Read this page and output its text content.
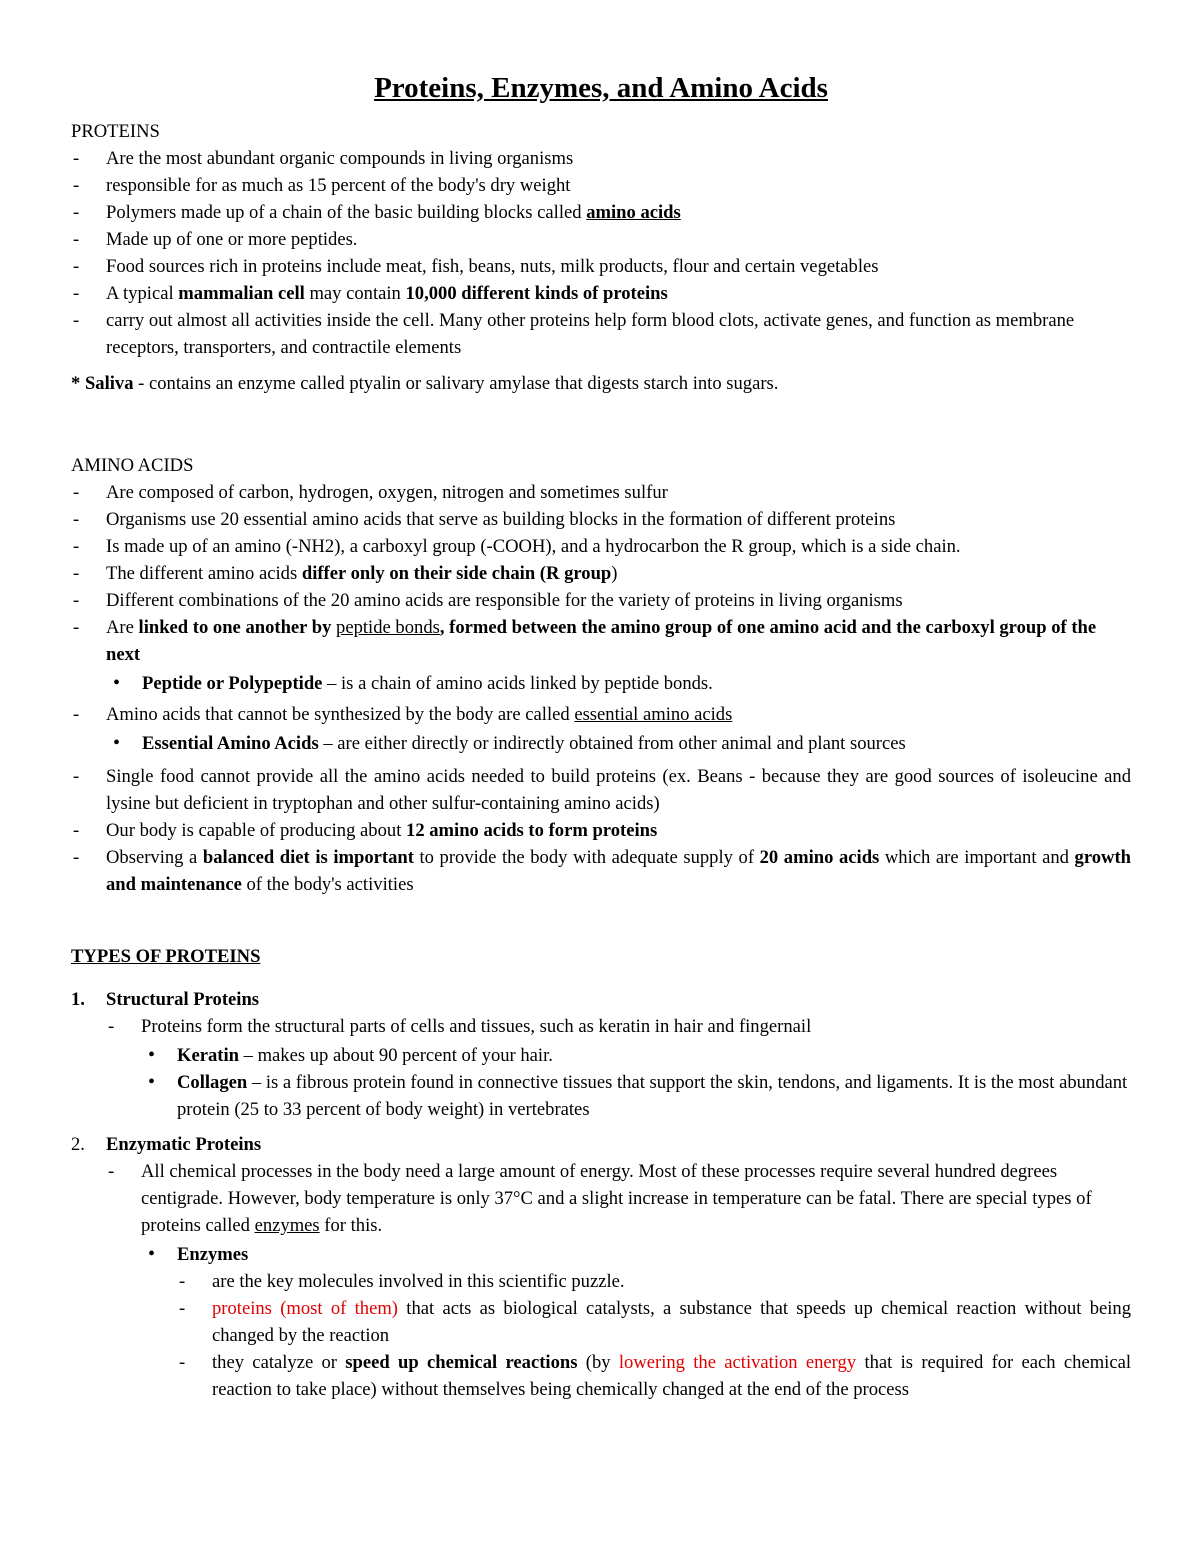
Proteins, Enzymes, and Amino Acids
PROTEINS
- Are the most abundant organic compounds in living organisms
- responsible for as much as 15 percent of the body's dry weight
- Polymers made up of a chain of the basic building blocks called amino acids
- Made up of one or more peptides.
- Food sources rich in proteins include meat, fish, beans, nuts, milk products, flour and certain vegetables
- A typical mammalian cell may contain 10,000 different kinds of proteins
- carry out almost all activities inside the cell. Many other proteins help form blood clots, activate genes, and function as membrane receptors, transporters, and contractile elements
* Saliva - contains an enzyme called ptyalin or salivary amylase that digests starch into sugars.
AMINO ACIDS
- Are composed of carbon, hydrogen, oxygen, nitrogen and sometimes sulfur
- Organisms use 20 essential amino acids that serve as building blocks in the formation of different proteins
- Is made up of an amino (-NH2), a carboxyl group (-COOH), and a hydrocarbon the R group, which is a side chain.
- The different amino acids differ only on their side chain (R group)
- Different combinations of the 20 amino acids are responsible for the variety of proteins in living organisms
- Are linked to one another by peptide bonds, formed between the amino group of one amino acid and the carboxyl group of the next
• Peptide or Polypeptide – is a chain of amino acids linked by peptide bonds.
- Amino acids that cannot be synthesized by the body are called essential amino acids
• Essential Amino Acids – are either directly or indirectly obtained from other animal and plant sources
- Single food cannot provide all the amino acids needed to build proteins (ex. Beans - because they are good sources of isoleucine and lysine but deficient in tryptophan and other sulfur-containing amino acids)
- Our body is capable of producing about 12 amino acids to form proteins
- Observing a balanced diet is important to provide the body with adequate supply of 20 amino acids which are important and growth and maintenance of the body's activities
TYPES OF PROTEINS
1. Structural Proteins
- Proteins form the structural parts of cells and tissues, such as keratin in hair and fingernail
• Keratin – makes up about 90 percent of your hair.
• Collagen – is a fibrous protein found in connective tissues that support the skin, tendons, and ligaments. It is the most abundant protein (25 to 33 percent of body weight) in vertebrates
2. Enzymatic Proteins
- All chemical processes in the body need a large amount of energy. Most of these processes require several hundred degrees centigrade. However, body temperature is only 37°C and a slight increase in temperature can be fatal. There are special types of proteins called enzymes for this.
• Enzymes
- are the key molecules involved in this scientific puzzle.
- proteins (most of them) that acts as biological catalysts, a substance that speeds up chemical reaction without being changed by the reaction
- they catalyze or speed up chemical reactions (by lowering the activation energy that is required for each chemical reaction to take place) without themselves being chemically changed at the end of the process
